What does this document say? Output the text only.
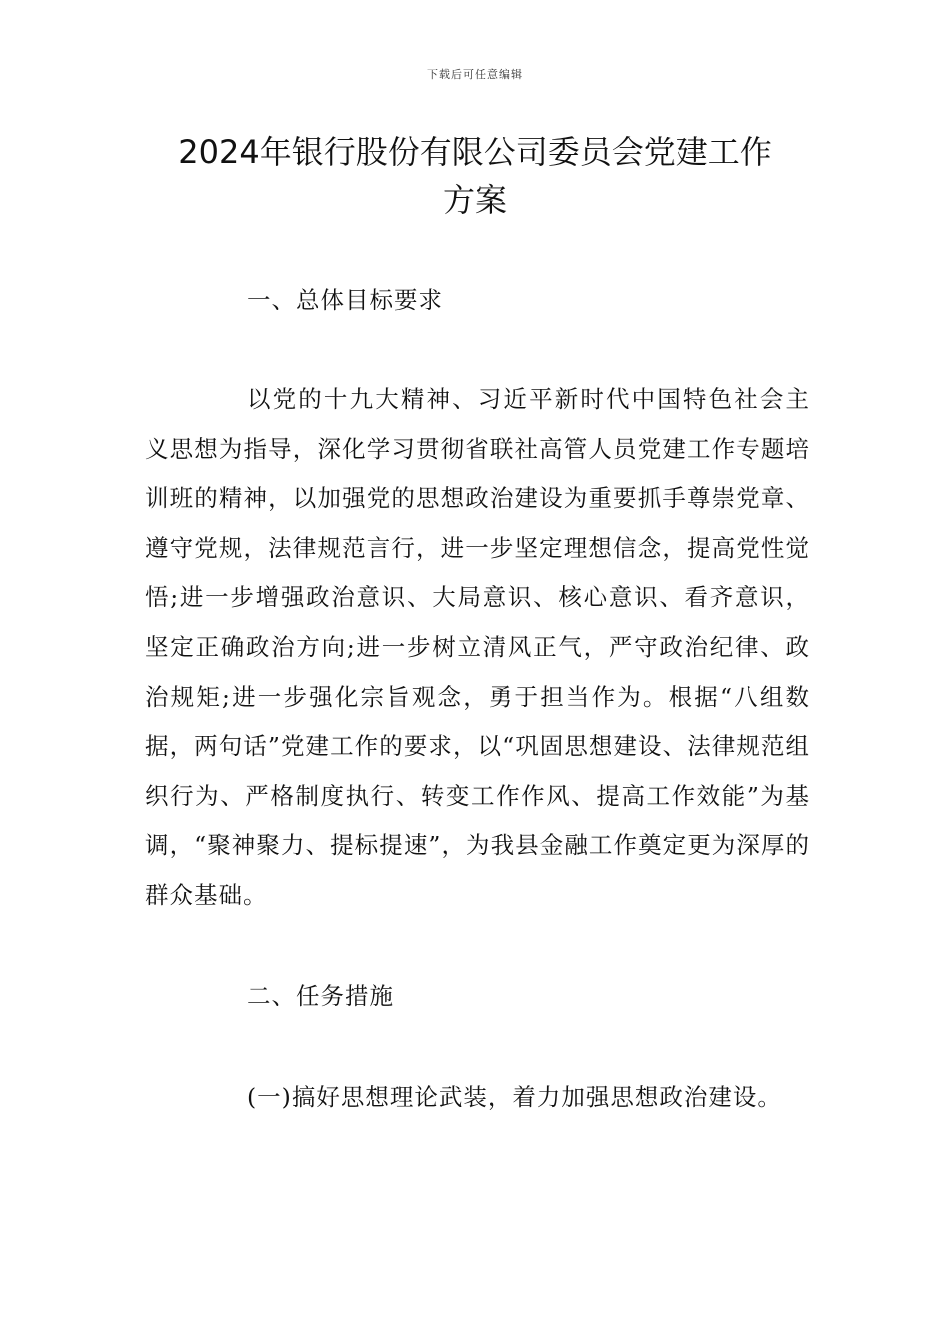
下载后可任意编辑
2024年银行股份有限公司委员会党建工作
方案
一、总体目标要求
以党的十九大精神、习近平新时代中国特色社会主义思想为指导，深化学习贯彻省联社高管人员党建工作专题培训班的精神，以加强党的思想政治建设为重要抓手尊崇党章、遵守党规，法律规范言行，进一步坚定理想信念，提高党性觉悟;进一步增强政治意识、大局意识、核心意识、看齐意识，坚定正确政治方向;进一步树立清风正气，严守政治纪律、政治规矩;进一步强化宗旨观念，勇于担当作为。根据“八组数据，两句话”党建工作的要求，以“巩固思想建设、法律规范组织行为、严格制度执行、转变工作作风、提高工作效能”为基调，“聚神聚力、提标提速”，为我县金融工作奠定更为深厚的群众基础。
二、任务措施
(一)搞好思想理论武装，着力加强思想政治建设。
